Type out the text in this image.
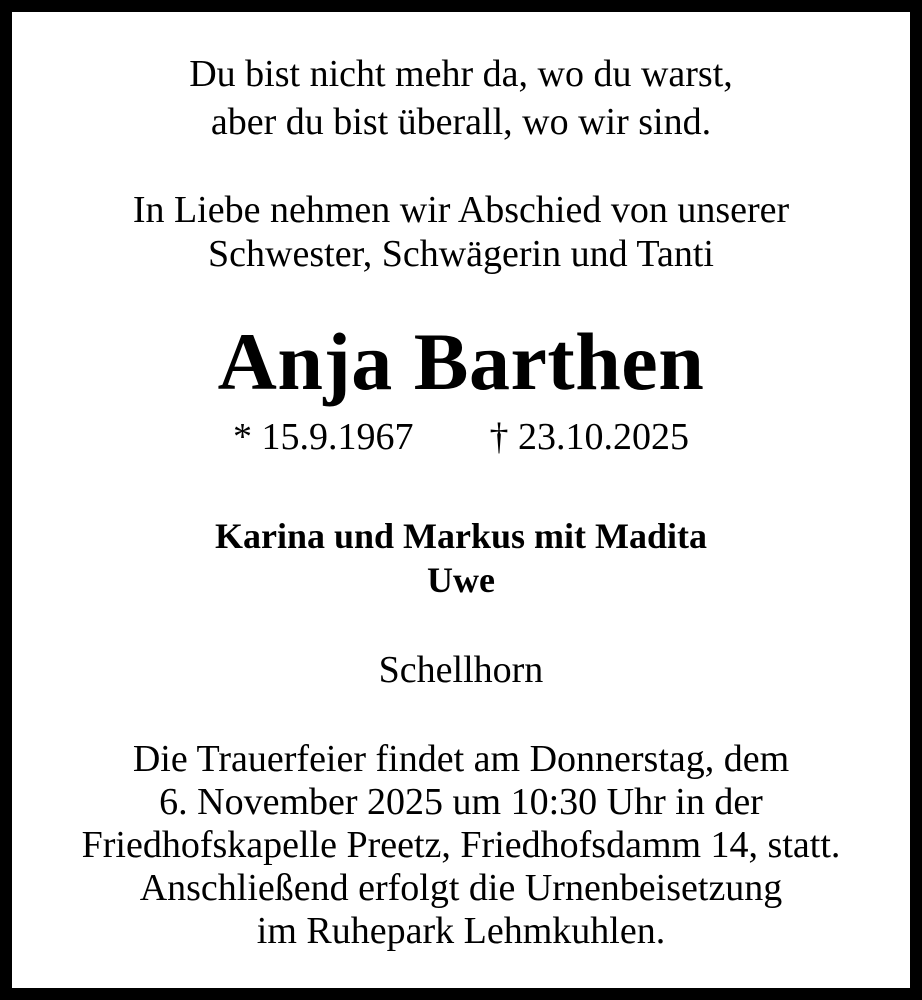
Du bist nicht mehr da, wo du warst,
aber du bist überall, wo wir sind.
In Liebe nehmen wir Abschied von unserer
Schwester, Schwägerin und Tanti
Anja Barthen
* 15.9.1967 † 23.10.2025
Karina und Markus mit Madita
Uwe
Schellhorn
Die Trauerfeier findet am Donnerstag, dem
6. November 2025 um 10:30 Uhr in der
Friedhofskapelle Preetz, Friedhofsdamm 14, statt.
Anschließend erfolgt die Urnenbeisetzung
im Ruhepark Lehmkuhlen.
